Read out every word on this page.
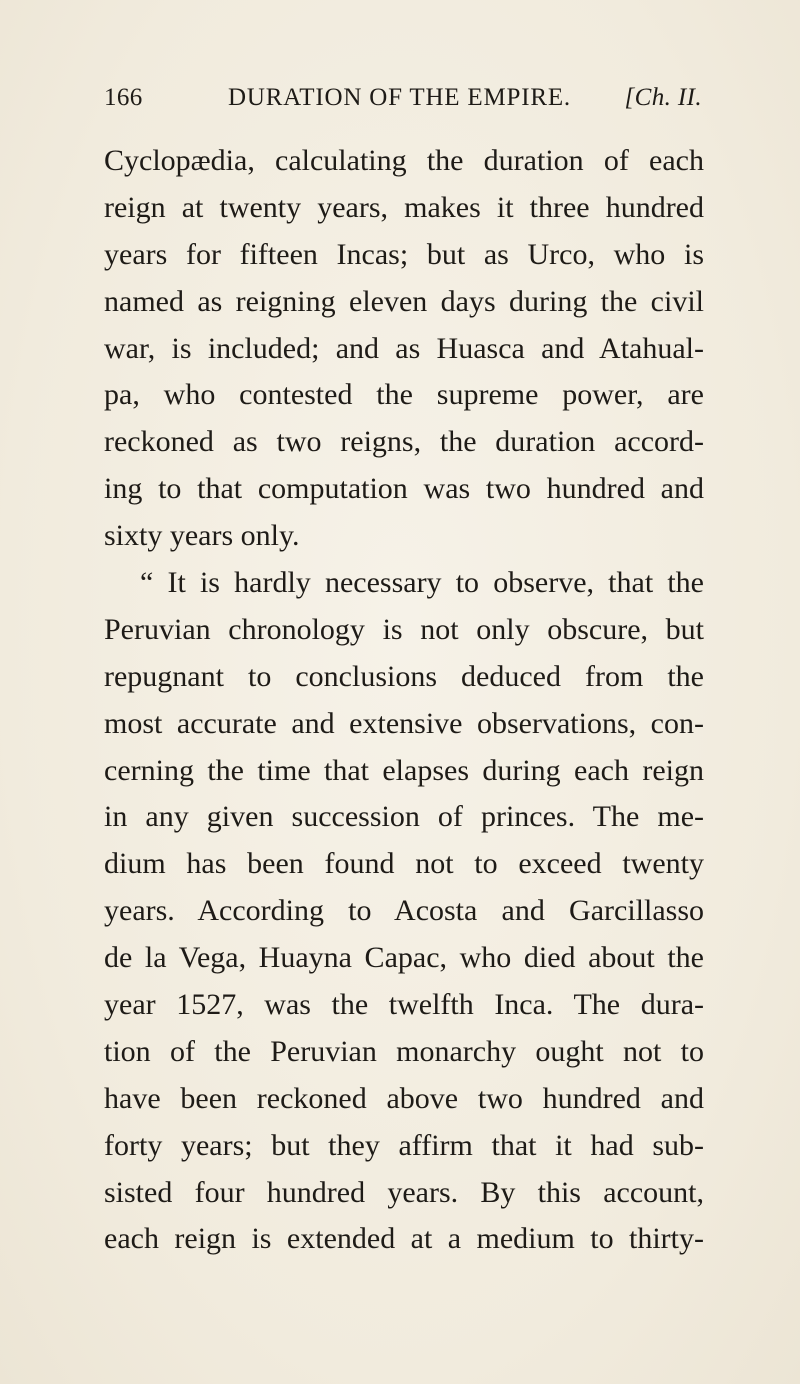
166	DURATION OF THE EMPIRE. [Ch. II.
Cyclopædia, calculating the duration of each
reign at twenty years, makes it three hundred
years for fifteen Incas; but as Urco, who is
named as reigning eleven days during the civil
war, is included; and as Huasca and Atahual-
pa, who contested the supreme power, are
reckoned as two reigns, the duration accord-
ing to that computation was two hundred and
sixty years only.
“ It is hardly necessary to observe, that the
Peruvian chronology is not only obscure, but
repugnant to conclusions deduced from the
most accurate and extensive observations, con-
cerning the time that elapses during each reign
in any given succession of princes. The me-
dium has been found not to exceed twenty
years. According to Acosta and Garcillasso
de la Vega, Huayna Capac, who died about the
year 1527, was the twelfth Inca. The dura-
tion of the Peruvian monarchy ought not to
have been reckoned above two hundred and
forty years; but they affirm that it had sub-
sisted four hundred years. By this account,
each reign is extended at a medium to thirty-
